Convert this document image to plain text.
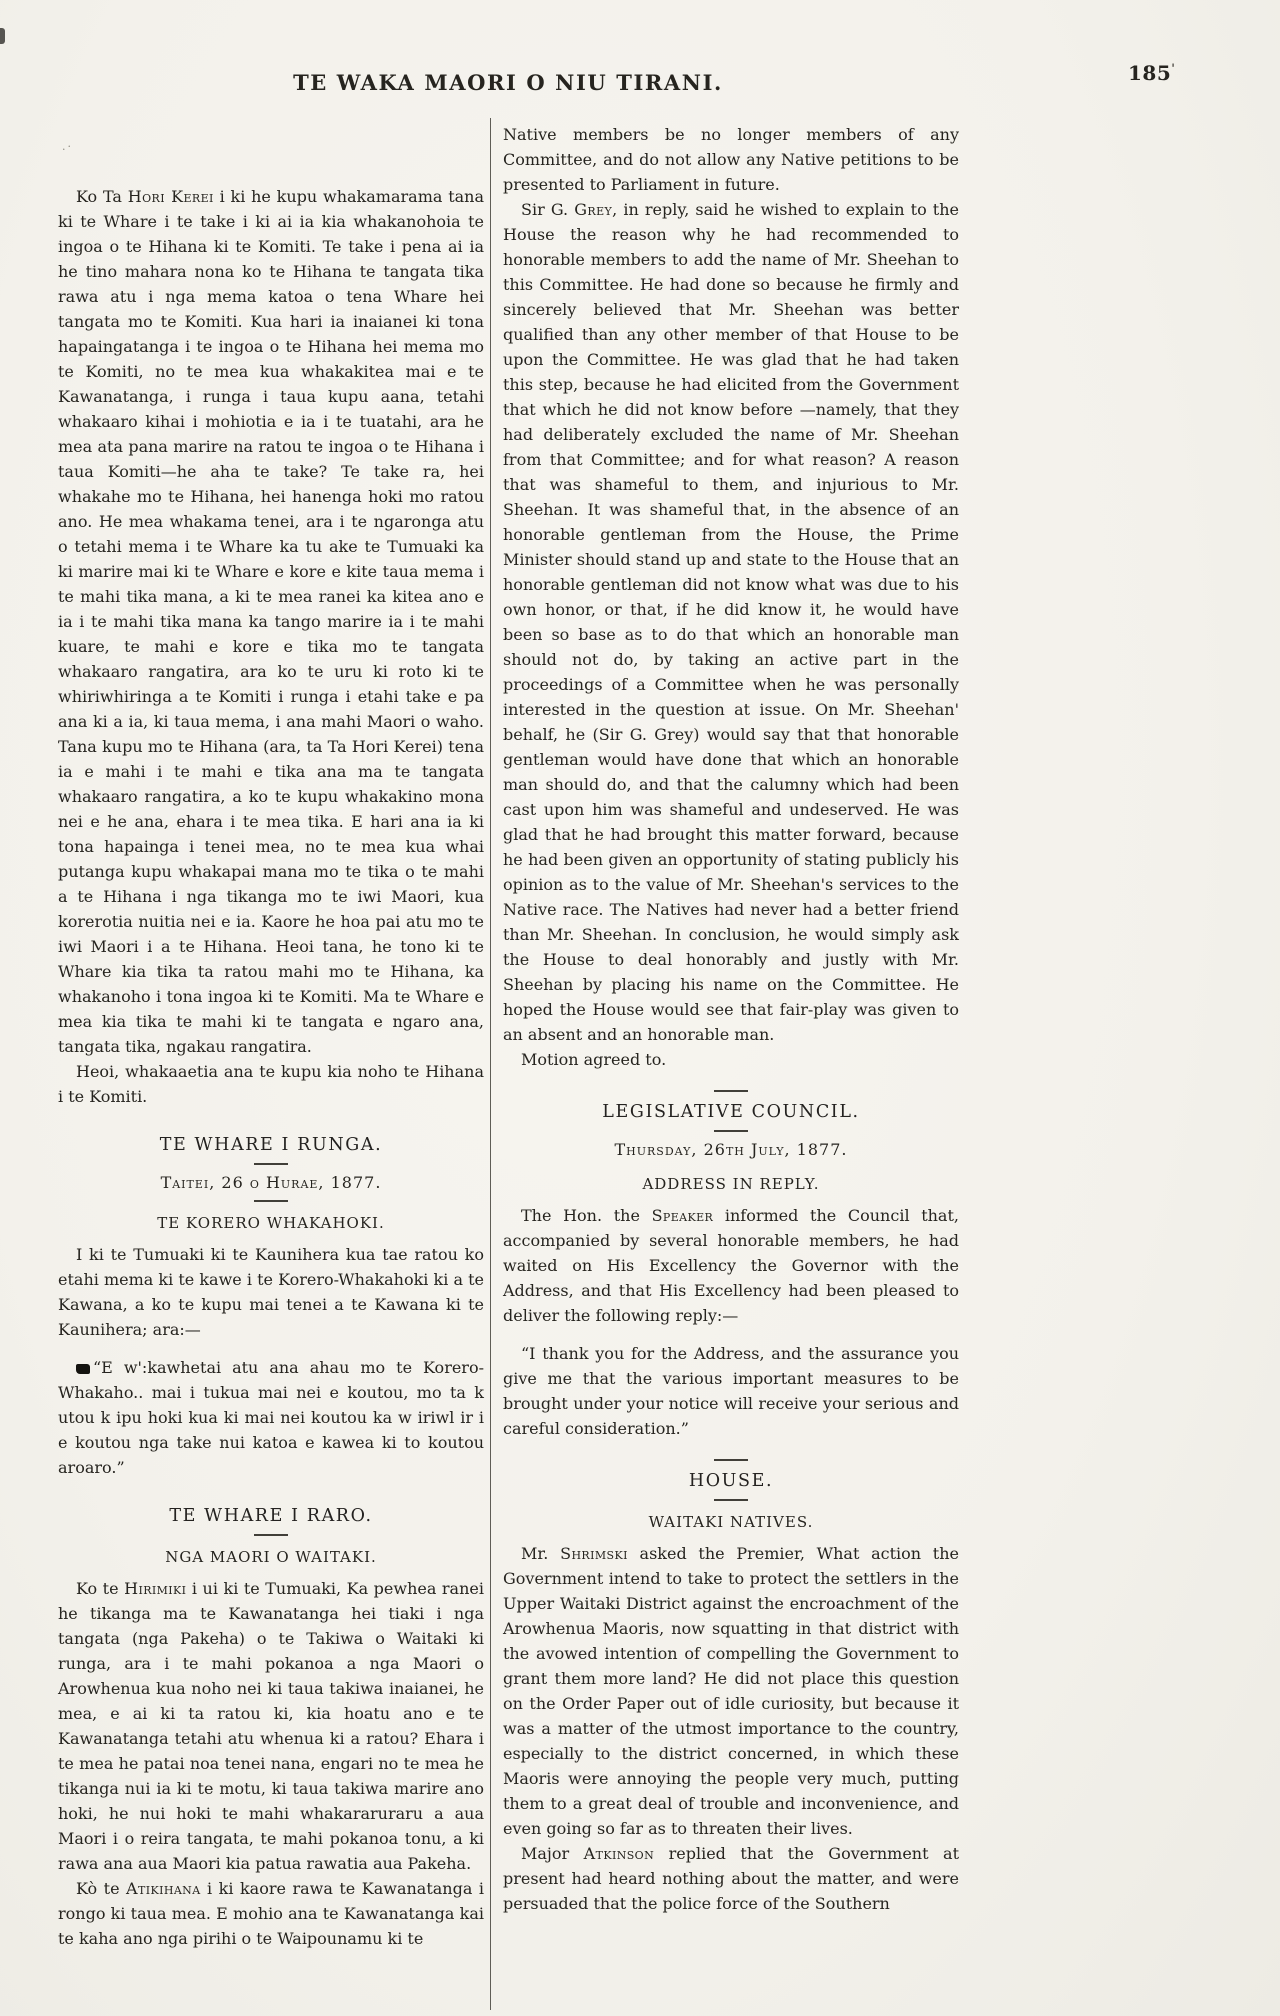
.·
TE WAKA MAORI O NIU TIRANI.	185'

Ko Ta Hori Kerei i ki he kupu whakamarama tana ki te Whare i te take i ki ai ia kia whakanohoia te ingoa o te Hihana ki te Komiti. Te take i pena ai ia he tino mahara nona ko te Hihana te tangata tika rawa atu i nga mema katoa o tena Whare hei tangata mo te Komiti. Kua hari ia inaianei ki tona hapaingatanga i te ingoa o te Hihana hei mema mo te Komiti, no te mea kua whakakitea mai e te Kawanatanga, i runga i taua kupu aana, tetahi whakaaro kihai i mohiotia e ia i te tuatahi, ara he mea ata pana marire na ratou te ingoa o te Hihana i taua Komiti—he aha te take? Te take ra, hei whakahe mo te Hihana, hei hanenga hoki mo ratou ano. He mea whakama tenei, ara i te ngaronga atu o tetahi mema i te Whare ka tu ake te Tumuaki ka ki marire mai ki te Whare e kore e kite taua mema i te mahi tika mana, a ki te mea ranei ka kitea ano e ia i te mahi tika mana ka tango marire ia i te mahi kuare, te mahi e kore e tika mo te tangata whakaaro rangatira, ara ko te uru ki roto ki te whiriwhiringa a te Komiti i runga i etahi take e pa ana ki a ia, ki taua mema, i ana mahi Maori o waho. Tana kupu mo te Hihana (ara, ta Ta Hori Kerei) tena ia e mahi i te mahi e tika ana ma te tangata whakaaro rangatira, a ko te kupu whakakino mona nei e he ana, ehara i te mea tika. E hari ana ia ki tona hapainga i tenei mea, no te mea kua whai putanga kupu whakapai mana mo te tika o te mahi a te Hihana i nga tikanga mo te iwi Maori, kua korerotia nuitia nei e ia. Kaore he hoa pai atu mo te iwi Maori i a te Hihana. Heoi tana, he tono ki te Whare kia tika ta ratou mahi mo te Hihana, ka whakanoho i tona ingoa ki te Komiti. Ma te Whare e mea kia tika te mahi ki te tangata e ngaro ana, tangata tika, ngakau rangatira.

Heoi, whakaaetia ana te kupu kia noho te Hihana i te Komiti.

TE WHARE I RUNGA.
Taitei, 26 o Hurae, 1877.
TE KORERO WHAKAHOKI.

I ki te Tumuaki ki te Kaunihera kua tae ratou ko etahi mema ki te kawe i te Korero-Whakahoki ki a te Kawana, a ko te kupu mai tenei a te Kawana ki te Kaunihera; ara:—

“E w':kawhetai atu ana ahau mo te Korero-Whakaho.. mai i tukua mai nei e koutou, mo ta k utou k ipu hoki kua ki mai nei koutou ka w iriwl ir i e koutou nga take nui katoa e kawea ki to koutou aroaro.”

TE WHARE I RARO.
NGA MAORI O WAITAKI.

Ko te Hirimiki i ui ki te Tumuaki, Ka pewhea ranei he tikanga ma te Kawanatanga hei tiaki i nga tangata (nga Pakeha) o te Takiwa o Waitaki ki runga, ara i te mahi pokanoa a nga Maori o Arowhenua kua noho nei ki taua takiwa inaianei, he mea, e ai ki ta ratou ki, kia hoatu ano e te Kawanatanga tetahi atu whenua ki a ratou? Ehara i te mea he patai noa tenei nana, engari no te mea he tikanga nui ia ki te motu, ki taua takiwa marire ano hoki, he nui hoki te mahi whakararuraru a aua Maori i o reira tangata, te mahi pokanoa tonu, a ki rawa ana aua Maori kia patua rawatia aua Pakeha.

Kò te Atikihana i ki kaore rawa te Kawanatanga i rongo ki taua mea. E mohio ana te Kawanatanga kai te kaha ano nga pirihi o te Waipounamu ki te

Native members be no longer members of any Committee, and do not allow any Native petitions to be presented to Parliament in future.

Sir G. Grey, in reply, said he wished to explain to the House the reason why he had recommended to honorable members to add the name of Mr. Sheehan to this Committee. He had done so because he firmly and sincerely believed that Mr. Sheehan was better qualified than any other member of that House to be upon the Committee. He was glad that he had taken this step, because he had elicited from the Government that which he did not know before —namely, that they had deliberately excluded the name of Mr. Sheehan from that Committee; and for what reason? A reason that was shameful to them, and injurious to Mr. Sheehan. It was shameful that, in the absence of an honorable gentleman from the House, the Prime Minister should stand up and state to the House that an honorable gentleman did not know what was due to his own honor, or that, if he did know it, he would have been so base as to do that which an honorable man should not do, by taking an active part in the proceedings of a Committee when he was personally interested in the question at issue. On Mr. Sheehan' behalf, he (Sir G. Grey) would say that that honorable gentleman would have done that which an honorable man should do, and that the calumny which had been cast upon him was shameful and undeserved. He was glad that he had brought this matter forward, because he had been given an opportunity of stating publicly his opinion as to the value of Mr. Sheehan's services to the Native race. The Natives had never had a better friend than Mr. Sheehan. In conclusion, he would simply ask the House to deal honorably and justly with Mr. Sheehan by placing his name on the Committee. He hoped the House would see that fair-play was given to an absent and an honorable man.

Motion agreed to.

LEGISLATIVE COUNCIL.
Thursday, 26th July, 1877.
ADDRESS IN REPLY.

The Hon. the Speaker informed the Council that, accompanied by several honorable members, he had waited on His Excellency the Governor with the Address, and that His Excellency had been pleased to deliver the following reply:—

“I thank you for the Address, and the assurance you give me that the various important measures to be brought under your notice will receive your serious and careful consideration.”

HOUSE.
WAITAKI NATIVES.

Mr. Shrimski asked the Premier, What action the Government intend to take to protect the settlers in the Upper Waitaki District against the encroachment of the Arowhenua Maoris, now squatting in that district with the avowed intention of compelling the Government to grant them more land? He did not place this question on the Order Paper out of idle curiosity, but because it was a matter of the utmost importance to the country, especially to the district concerned, in which these Maoris were annoying the people very much, putting them to a great deal of trouble and inconvenience, and even going so far as to threaten their lives.

Major Atkinson replied that the Government at present had heard nothing about the matter, and were persuaded that the police force of the Southern
